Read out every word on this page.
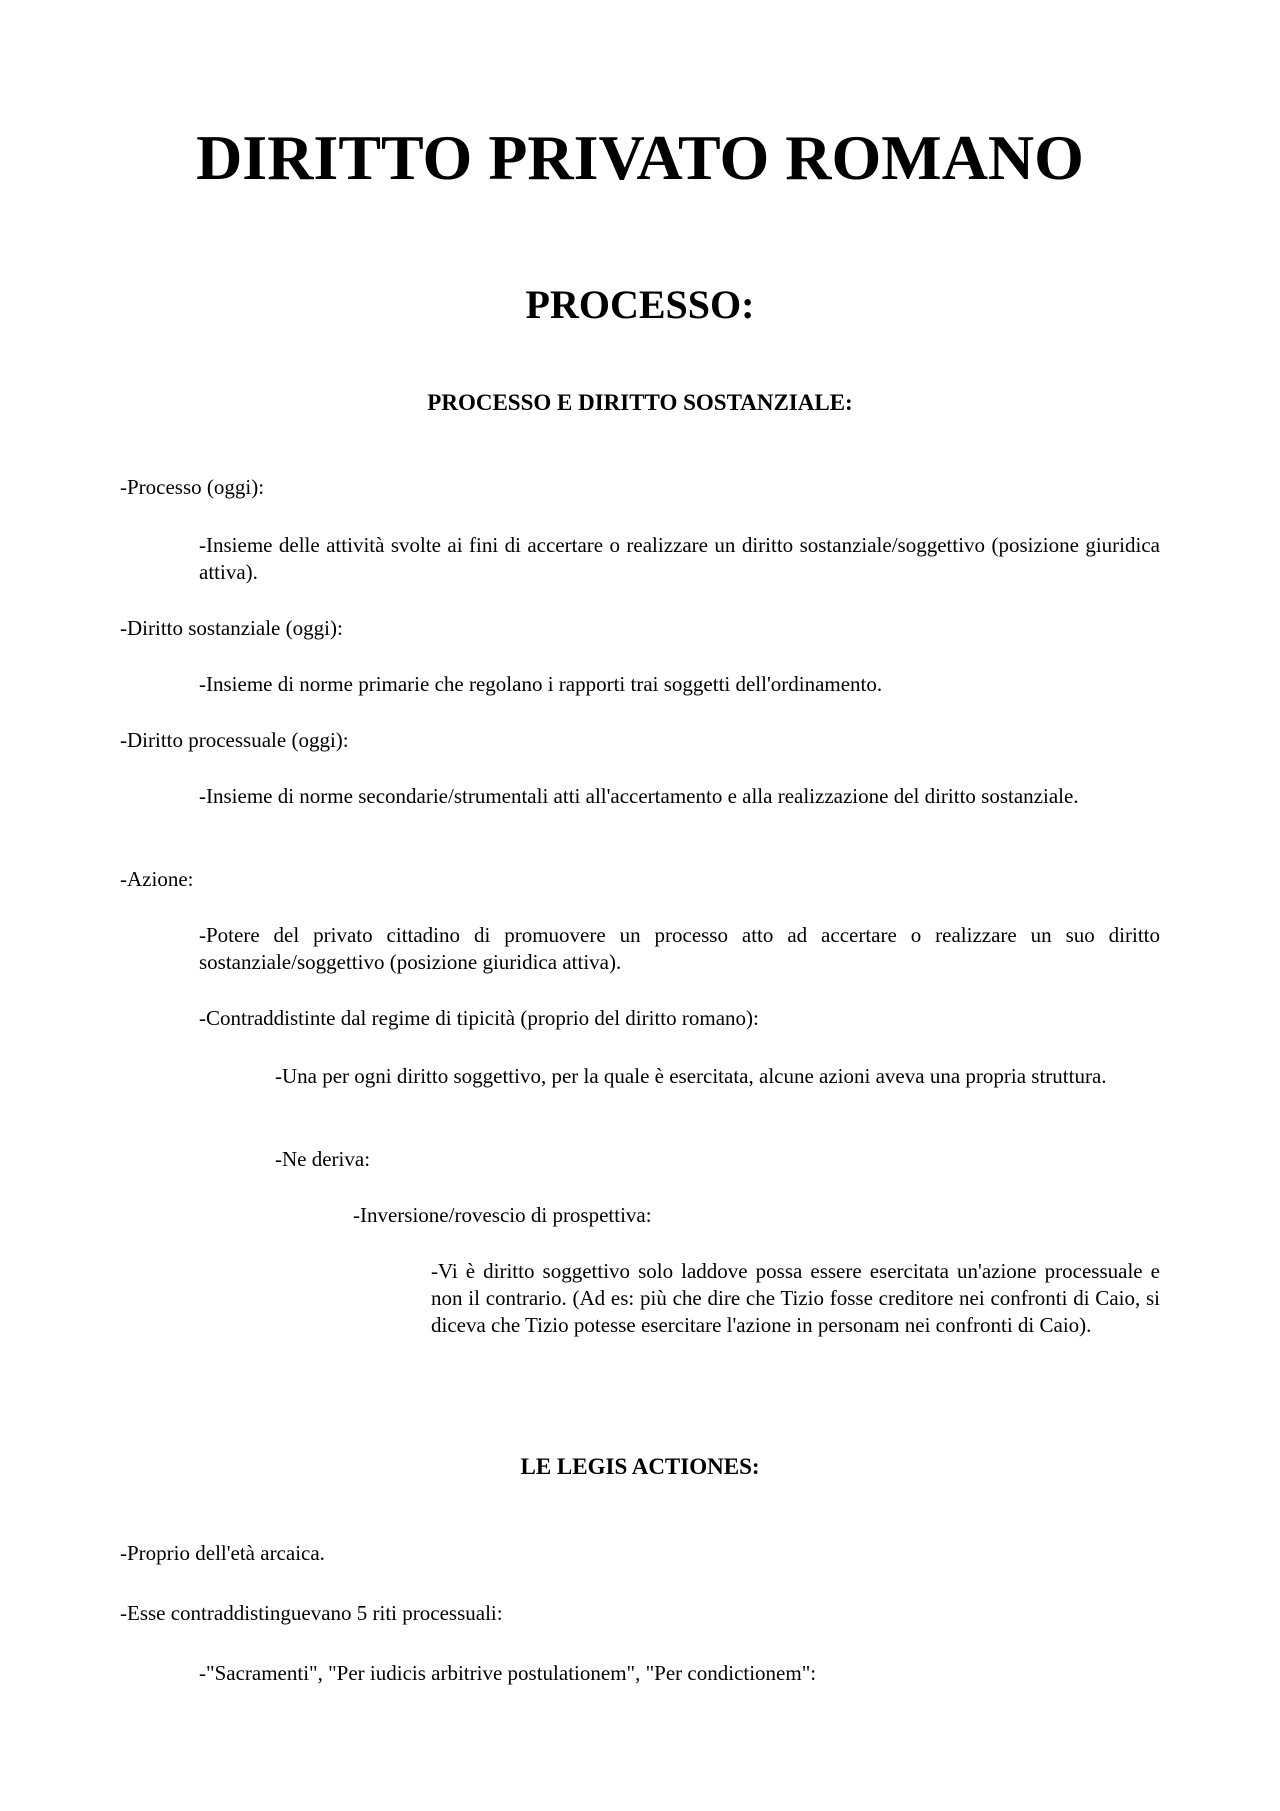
DIRITTO PRIVATO ROMANO
PROCESSO:
PROCESSO E DIRITTO SOSTANZIALE:
-Processo (oggi):
-Insieme delle attività svolte ai fini di accertare o realizzare un diritto sostanziale/soggettivo (posizione giuridica attiva).
-Diritto sostanziale (oggi):
-Insieme di norme primarie che regolano i rapporti trai soggetti dell'ordinamento.
-Diritto processuale (oggi):
-Insieme di norme secondarie/strumentali atti all'accertamento e alla realizzazione del diritto sostanziale.
-Azione:
-Potere del privato cittadino di promuovere un processo atto ad accertare o realizzare un suo diritto sostanziale/soggettivo (posizione giuridica attiva).
-Contraddistinte dal regime di tipicità (proprio del diritto romano):
-Una per ogni diritto soggettivo, per la quale è esercitata, alcune azioni aveva una propria struttura.
-Ne deriva:
-Inversione/rovescio di prospettiva:
-Vi è diritto soggettivo solo laddove possa essere esercitata un'azione processuale e non il contrario. (Ad es: più che dire che Tizio fosse creditore nei confronti di Caio, si diceva che Tizio potesse esercitare l'azione in personam nei confronti di Caio).
LE LEGIS ACTIONES:
-Proprio dell'età arcaica.
-Esse contraddistinguevano 5 riti processuali:
-"Sacramenti", "Per iudicis arbitrive postulationem", "Per condictionem":
